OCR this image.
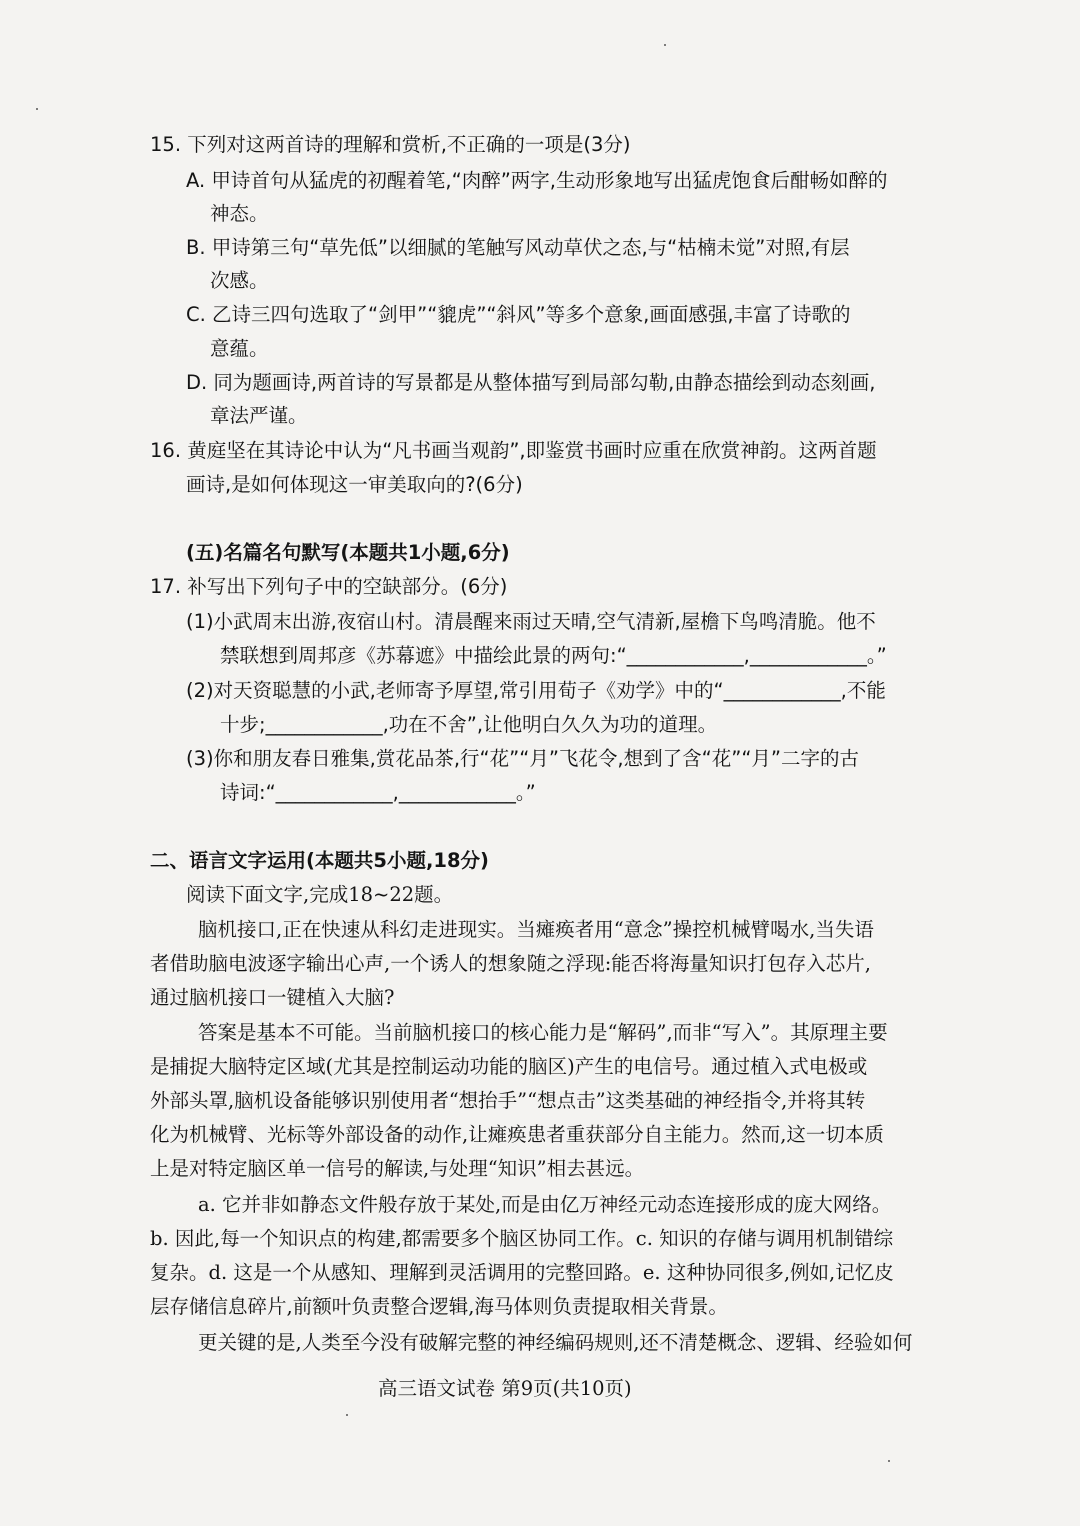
15. 下列对这两首诗的理解和赏析,不正确的一项是(3分)
A. 甲诗首句从猛虎的初醒着笔,“肉醉”两字,生动形象地写出猛虎饱食后酣畅如醉的
神态。
B. 甲诗第三句“草先低”以细腻的笔触写风动草伏之态,与“枯楠未觉”对照,有层
次感。
C. 乙诗三四句选取了“剑甲”“貔虎”“斜风”等多个意象,画面感强,丰富了诗歌的
意蕴。
D. 同为题画诗,两首诗的写景都是从整体描写到局部勾勒,由静态描绘到动态刻画,
章法严谨。
16. 黄庭坚在其诗论中认为“凡书画当观韵”,即鉴赏书画时应重在欣赏神韵。这两首题
画诗,是如何体现这一审美取向的?(6分)
(五)名篇名句默写(本题共1小题,6分)
17. 补写出下列句子中的空缺部分。(6分)
(1)小武周末出游,夜宿山村。清晨醒来雨过天晴,空气清新,屋檐下鸟鸣清脆。他不
禁联想到周邦彦《苏幕遮》中描绘此景的两句:“____________,____________。”
(2)对天资聪慧的小武,老师寄予厚望,常引用荀子《劝学》中的“____________,不能
十步;____________,功在不舍”,让他明白久久为功的道理。
(3)你和朋友春日雅集,赏花品茶,行“花”“月”飞花令,想到了含“花”“月”二字的古
诗词:“____________,____________。”
二、语言文字运用(本题共5小题,18分)
阅读下面文字,完成18~22题。
脑机接口,正在快速从科幻走进现实。当瘫痪者用“意念”操控机械臂喝水,当失语
者借助脑电波逐字输出心声,一个诱人的想象随之浮现:能否将海量知识打包存入芯片,
通过脑机接口一键植入大脑?
答案是基本不可能。当前脑机接口的核心能力是“解码”,而非“写入”。其原理主要
是捕捉大脑特定区域(尤其是控制运动功能的脑区)产生的电信号。通过植入式电极或
外部头罩,脑机设备能够识别使用者“想抬手”“想点击”这类基础的神经指令,并将其转
化为机械臂、光标等外部设备的动作,让瘫痪患者重获部分自主能力。然而,这一切本质
上是对特定脑区单一信号的解读,与处理“知识”相去甚远。
a. 它并非如静态文件般存放于某处,而是由亿万神经元动态连接形成的庞大网络。
b. 因此,每一个知识点的构建,都需要多个脑区协同工作。c. 知识的存储与调用机制错综
复杂。d. 这是一个从感知、理解到灵活调用的完整回路。e. 这种协同很多,例如,记忆皮
层存储信息碎片,前额叶负责整合逻辑,海马体则负责提取相关背景。
更关键的是,人类至今没有破解完整的神经编码规则,还不清楚概念、逻辑、经验如何
高三语文试卷 第9页(共10页)
